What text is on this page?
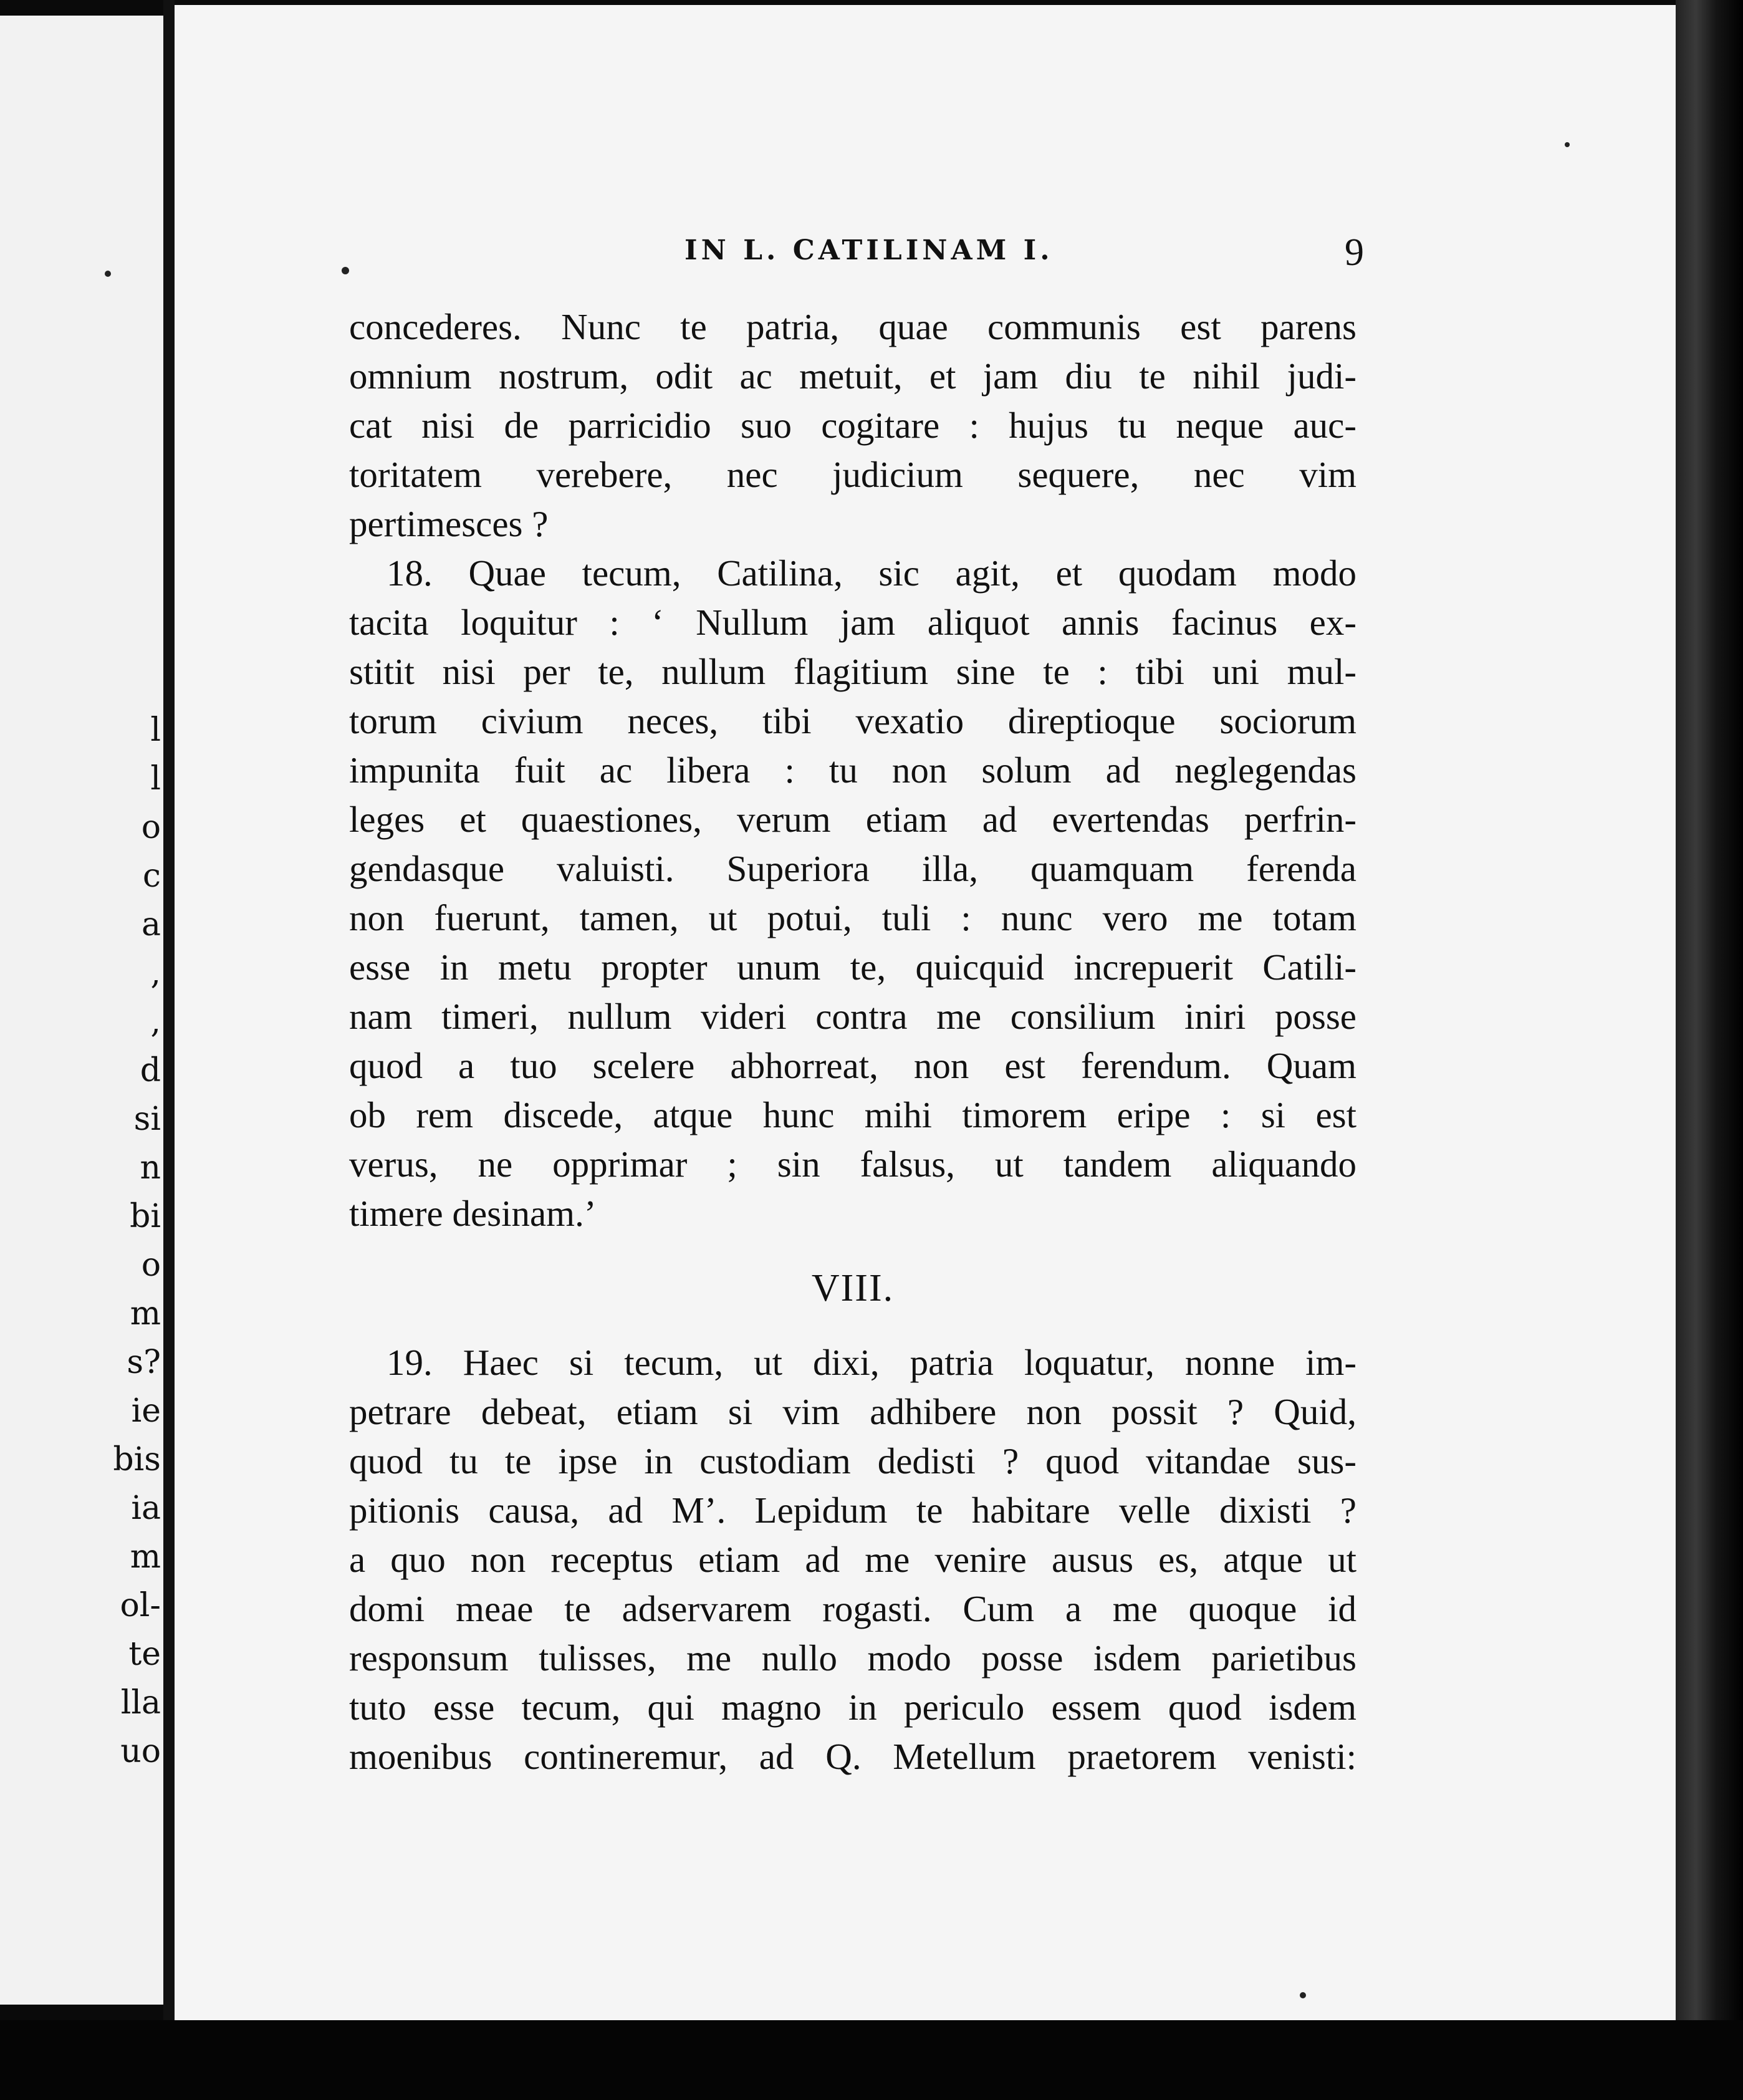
l
l
o
c
a
,
,
d
si
n
bi
o
m
s?
ie
bis
ia
m
ol-
te
lla
uo
IN L. CATILINAM I.	9
concederes. Nunc te patria, quae communis est parens
omnium nostrum, odit ac metuit, et jam diu te nihil judi-
cat nisi de parricidio suo cogitare : hujus tu neque auc-
toritatem verebere, nec judicium sequere, nec vim
pertimesces ?
18. Quae tecum, Catilina, sic agit, et quodam modo
tacita loquitur : ‘ Nullum jam aliquot annis facinus ex-
stitit nisi per te, nullum flagitium sine te : tibi uni mul-
torum civium neces, tibi vexatio direptioque sociorum
impunita fuit ac libera : tu non solum ad neglegendas
leges et quaestiones, verum etiam ad evertendas perfrin-
gendasque valuisti. Superiora illa, quamquam ferenda
non fuerunt, tamen, ut potui, tuli : nunc vero me totam
esse in metu propter unum te, quicquid increpuerit Catili-
nam timeri, nullum videri contra me consilium iniri posse
quod a tuo scelere abhorreat, non est ferendum. Quam
ob rem discede, atque hunc mihi timorem eripe : si est
verus, ne opprimar ; sin falsus, ut tandem aliquando
timere desinam.’
VIII.
19. Haec si tecum, ut dixi, patria loquatur, nonne im-
petrare debeat, etiam si vim adhibere non possit ? Quid,
quod tu te ipse in custodiam dedisti ? quod vitandae sus-
pitionis causa, ad M’. Lepidum te habitare velle dixisti ?
a quo non receptus etiam ad me venire ausus es, atque ut
domi meae te adservarem rogasti. Cum a me quoque id
responsum tulisses, me nullo modo posse isdem parietibus
tuto esse tecum, qui magno in periculo essem quod isdem
moenibus contineremur, ad Q. Metellum praetorem venisti:
